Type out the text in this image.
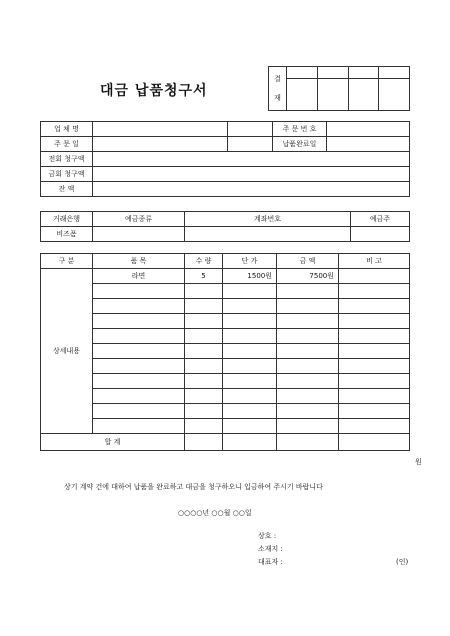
대금 납품청구서
결
재				

업 체 명			주 문 번 호	
주 문 일			납품완료일	
전회 청구액				
금회 청구액				
잔 액				
거래은행	예금종류	계좌번호	예금주
비즈폼			
구 분	품 목	수 량	단 가	금 액	비 고
상세내용	라면	5	1500원	7500원	

합 계					
원
상기 계약 건에 대하여 납품을 완료하고 대금을 청구하오니 입금하여 주시기 바랍니다
○○○○년 ○○월 ○○일
상호 :
소재지 :
대표자 :	(인)
